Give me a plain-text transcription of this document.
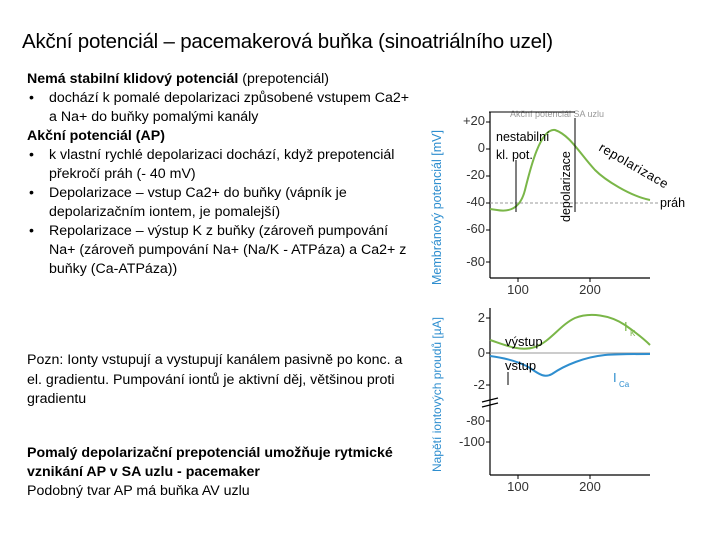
Akční potenciál – pacemakerová buňka (sinoatriálního uzel)

Nemá stabilní klidový potenciál (prepotenciál)

• dochází k pomalé depolarizaci způsobené vstupem Ca2+ a Na+ do buňky pomalými kanály

Akční potenciál (AP)

• k vlastní rychlé depolarizaci dochází, když prepotenciál překročí práh (- 40 mV)

• Depolarizace – vstup Ca2+ do buňky (vápník je depolarizačním iontem, je pomalejší)

• Repolarizace – výstup K z buňky (zároveň pumpování Na+ (zároveň pumpování Na+ (Na/K - ATPáza) a Ca2+ z buňky (Ca-ATPáza))

Pozn: Ionty vstupují a vystupují kanálem pasivně po konc. a el. gradientu. Pumpování iontů je aktivní děj, většinou proti gradientu
Pomalý depolarizační prepotenciál umožňuje rytmické vznikání AP v SA uzlu - pacemaker
Podobný tvar AP má buňka AV uzlu
Akční potenciál SA uzlu
Membránový potenciál [mV]
+20
0
-20
-40
-60
-80
100	200
nestabilní
kl. pot. depolarizace repolarizace
práh
Napětí iontových proudů [µA]	2
0
-2
-80
-100
100	200
výstup
vstup
I K
I Ca
